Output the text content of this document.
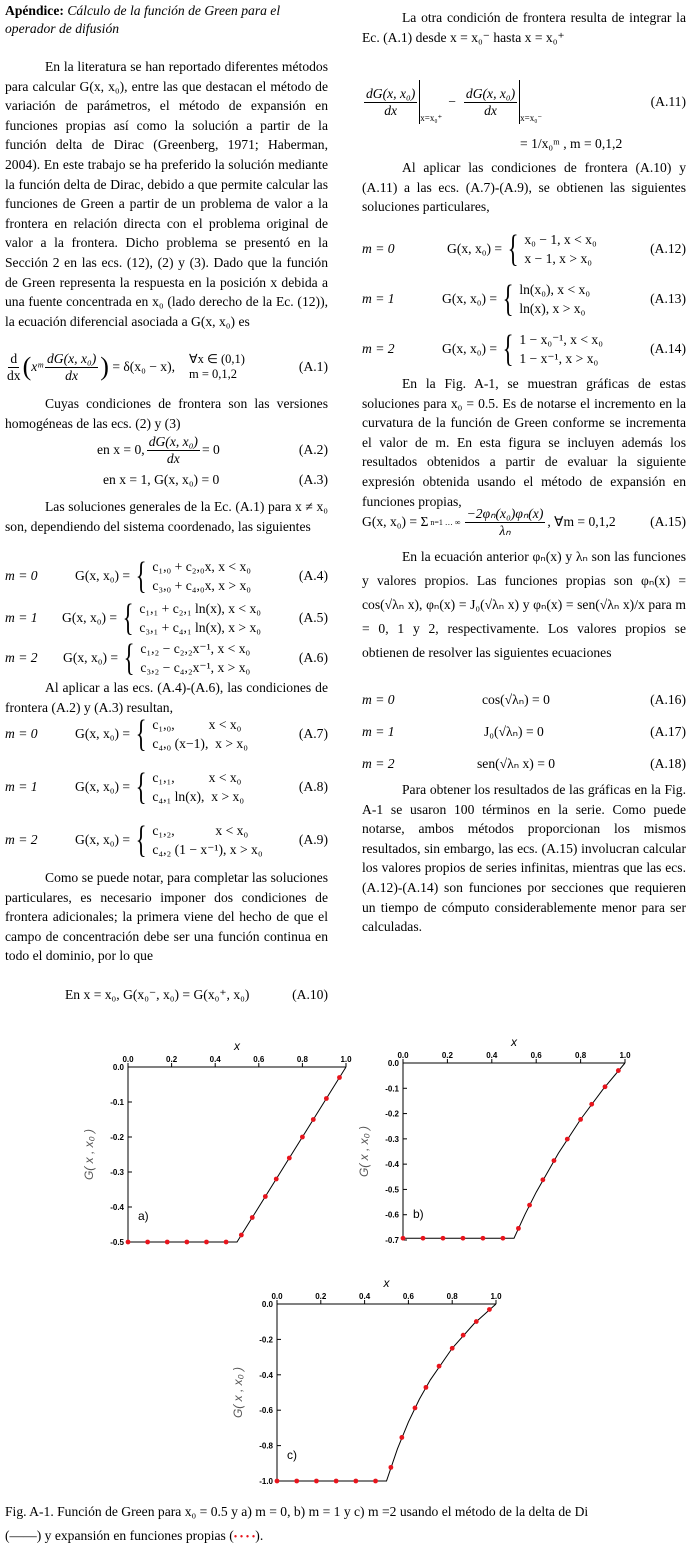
Apéndice: Cálculo de la función de Green para el operador de difusión
En la literatura se han reportado diferentes métodos para calcular G(x, x₀), entre las que destacan el método de variación de parámetros, el método de expansión en funciones propias así como la solución a partir de la función delta de Dirac (Greenberg, 1971; Haberman, 2004). En este trabajo se ha preferido la solución mediante la función delta de Dirac, debido a que permite calcular las funciones de Green a partir de un problema de valor a la frontera en relación directa con el problema original de valor a la frontera. Dicho problema se presentó en la Sección 2 en las ecs. (12), (2) y (3). Dado que la función de Green representa la respuesta en la posición x debida a una fuente concentrada en x₀ (lado derecho de la Ec. (12)), la ecuación diferencial asociada a G(x, x₀) es
$\frac{d}{dx}$ ( xᵐ $\frac{\text{dG(x, x₀)}}{dx}$ )
= δ(x₀ − x), ∀x ∈ (0,1)
m = 0,1,2	(A.1)
Cuyas condiciones de frontera son las versiones homogéneas de las ecs. (2) y (3)
en x = 0, $\frac{\text{dG(x, x₀)}}{dx} = 0$	(A.2)
en x = 1, G(x, x₀) = 0	(A.3)
Las soluciones generales de la Ec. (A.1) para x ≠ x₀ son, dependiendo del sistema coordenado, las siguientes
m = 0	G(x, x₀) = { c₁,₀ + c₂,₀x, x < x₀
c₃,₀ + c₄,₀x, x > x₀
(A.4)
m = 1 G(x, x₀) = { c₁,₁ + c₂,₁ ln(x), x < x₀
c₃,₁ + c₄,₁ ln(x), x > x₀
(A.5)
m = 2 G(x, x₀) = { c₁,₂ − c₂,₂x⁻¹, x < x₀
c₃,₂ − c₄,₂x⁻¹, x > x₀
(A.6)
Al aplicar a las ecs. (A.4)-(A.6), las condiciones de frontera (A.2) y (A.3) resultan,
m = 0	G(x, x₀) = { c₁,₀,          x < x₀
c₄,₀ (x−1),  x > x₀
(A.7)
m = 1	G(x, x₀) = { c₁,₁,          x < x₀
c₄,₁ ln(x),  x > x₀
(A.8)
m = 2	G(x, x₀) = { c₁,₂,            x < x₀
c₄,₂ (1 − x⁻¹), x > x₀
(A.9)
Como se puede notar, para completar las soluciones particulares, es necesario imponer dos condiciones de frontera adicionales; la primera viene del hecho de que el campo de concentración debe ser una función continua en todo el dominio, por lo que
En x = x₀, G(x₀⁻, x₀) = G(x₀⁺, x₀)	(A.10)
La otra condición de frontera resulta de integrar la Ec. (A.1) desde x = x₀⁻ hasta x = x₀⁺
$\frac{\text{dG(x, x₀)}}{dx} x=x_0^+$
− $\frac{\text{dG(x, x₀)}}{dx} x=x_0^-$
(A.11)
= 1/x₀ᵐ , m = 0,1,2
Al aplicar las condiciones de frontera (A.10) y (A.11) a las ecs. (A.7)-(A.9), se obtienen las siguientes soluciones particulares,
m = 0	G(x, x₀) = { x₀ − 1, x < x₀
x − 1, x > x₀
(A.12)
m = 1	G(x, x₀) = { ln(x₀), x < x₀
ln(x), x > x₀
(A.13)
m = 2	G(x, x₀) = { 1 − x₀⁻¹, x < x₀
1 − x⁻¹, x > x₀
(A.14)
En la Fig. A-1, se muestran gráficas de estas soluciones para x₀ = 0.5. Es de notarse el incremento en la curvatura de la función de Green conforme se incrementa el valor de m. En esta figura se incluyen además los resultados obtenidos a partir de evaluar la siguiente expresión obtenida usando el método de expansión en funciones propias,
G(x, x₀) = Σ n=1 … ∞ $\frac{\text{−2φₙ(x₀)φₙ(x)}}{\text{λₙ}}$ , ∀m = 0,1,2	(A.15)
En la ecuación anterior φₙ(x) y λₙ son las funciones y valores propios. Las funciones propias son φₙ(x) = cos(√λₙ x), φₙ(x) = J₀(√λₙ x) y φₙ(x) = sen(√λₙ x)/x para m = 0, 1 y 2, respectivamente. Los valores propios se obtienen de resolver las siguientes ecuaciones
m = 0	cos(√λₙ) = 0	(A.16)
m = 1	J₀(√λₙ) = 0	(A.17)
m = 2	sen(√λₙ x) = 0	(A.18)
Para obtener los resultados de las gráficas en la Fig. A-1 se usaron 100 términos en la serie. Como puede notarse, ambos métodos proporcionan los mismos resultados, sin embargo, las ecs. (A.15) involucran calcular los valores propios de series infinitas, mientras que las ecs. (A.12)-(A.14) son funciones por secciones que requieren un tiempo de cómputo considerablemente menor para ser calculadas.
0.0	0.2	0.4	0.6	0.8	1.0
0.0
-0.1
-0.2
-0.3
-0.4
-0.5
x
G( x , x₀ )
a)
0.0	0.2	0.4	0.6	0.8	1.0
0.0
-0.1
-0.2
-0.3
-0.4
-0.5
-0.6
-0.7
x
G( x , x₀ )
b)
0.0	0.2	0.4	0.6	0.8	1.0
0.0
-0.2
-0.4
-0.6
-0.8
-1.0
x
G( x , x₀ )
c)
Fig. A-1. Función de Green para x₀ = 0.5 y a) m = 0, b) m = 1 y c) m =2 usando el método de la delta de Di
(——) y expansión en funciones propias (• • • •).
